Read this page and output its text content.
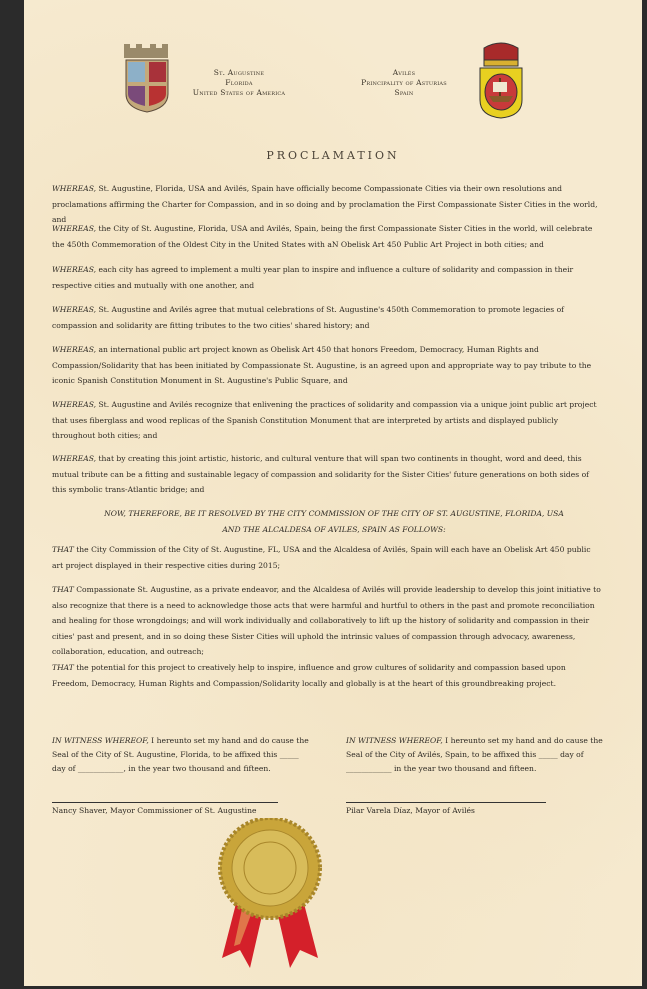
St. Augustine
Florida
United States of America
Avilés
Principality of Asturias
Spain
PROCLAMATION
WHEREAS, St. Augustine, Florida, USA and Avilés, Spain have officially become Compassionate Cities via their own resolutions and proclamations affirming the Charter for Compassion, and in so doing and by proclamation the First Compassionate Sister Cities in the world, and
WHEREAS, the City of St. Augustine, Florida, USA and Avilés, Spain, being the first Compassionate Sister Cities in the world, will celebrate the 450th Commemoration of the Oldest City in the United States with aN Obelisk Art 450 Public Art Project in both cities; and
WHEREAS, each city has agreed to implement a multi year plan to inspire and influence a culture of solidarity and compassion in their respective cities and mutually with one another, and
WHEREAS, St. Augustine and Avilés agree that mutual celebrations of St. Augustine's 450th Commemoration to promote legacies of compassion and solidarity are fitting tributes to the two cities' shared history; and
WHEREAS, an international public art project known as Obelisk Art 450 that honors Freedom, Democracy, Human Rights and Compassion/Solidarity that has been initiated by Compassionate St. Augustine, is an agreed upon and appropriate way to pay tribute to the iconic Spanish Constitution Monument in St. Augustine's Public Square, and
WHEREAS, St. Augustine and Avilés recognize that enlivening the practices of solidarity and compassion via a unique joint public art project that uses fiberglass and wood replicas of the Spanish Constitution Monument that are interpreted by artists and displayed publicly throughout both cities; and
WHEREAS, that by creating this joint artistic, historic, and cultural venture that will span two continents in thought, word and deed, this mutual tribute can be a fitting and sustainable legacy of compassion and solidarity for the Sister Cities' future generations on both sides of this symbolic trans-Atlantic bridge; and
NOW, THEREFORE, BE IT RESOLVED BY THE CITY COMMISSION OF THE CITY OF ST. AUGUSTINE, FLORIDA, USA
AND THE ALCALDESA OF AVILES, SPAIN AS FOLLOWS:
THAT the City Commission of the City of St. Augustine, FL, USA and the Alcaldesa of Avilés, Spain will each have an Obelisk Art 450 public art project displayed in their respective cities during 2015;
THAT Compassionate St. Augustine, as a private endeavor, and the Alcaldesa of Avilés will provide leadership to develop this joint initiative to also recognize that there is a need to acknowledge those acts that were harmful and hurtful to others in the past and promote reconciliation and healing for those wrongdoings; and will work individually and collaboratively to lift up the history of solidarity and compassion in their cities' past and present, and in so doing these Sister Cities will uphold the intrinsic values of compassion through advocacy, awareness, collaboration, education, and outreach;
THAT the potential for this project to creatively help to inspire, influence and grow cultures of solidarity and compassion based upon Freedom, Democracy, Human Rights and Compassion/Solidarity locally and globally is at the heart of this groundbreaking project.
IN WITNESS WHEREOF, I hereunto set my hand and do cause the Seal of the City of St. Augustine, Florida, to be affixed this _____ day of ____________, in the year two thousand and fifteen.
IN WITNESS WHEREOF, I hereunto set my hand and do cause the Seal of the City of Avilés, Spain, to be affixed this _____ day of ____________ in the year two thousand and fifteen.
Nancy Shaver, Mayor Commissioner of St. Augustine	Pilar Varela Díaz, Mayor of Avilés
